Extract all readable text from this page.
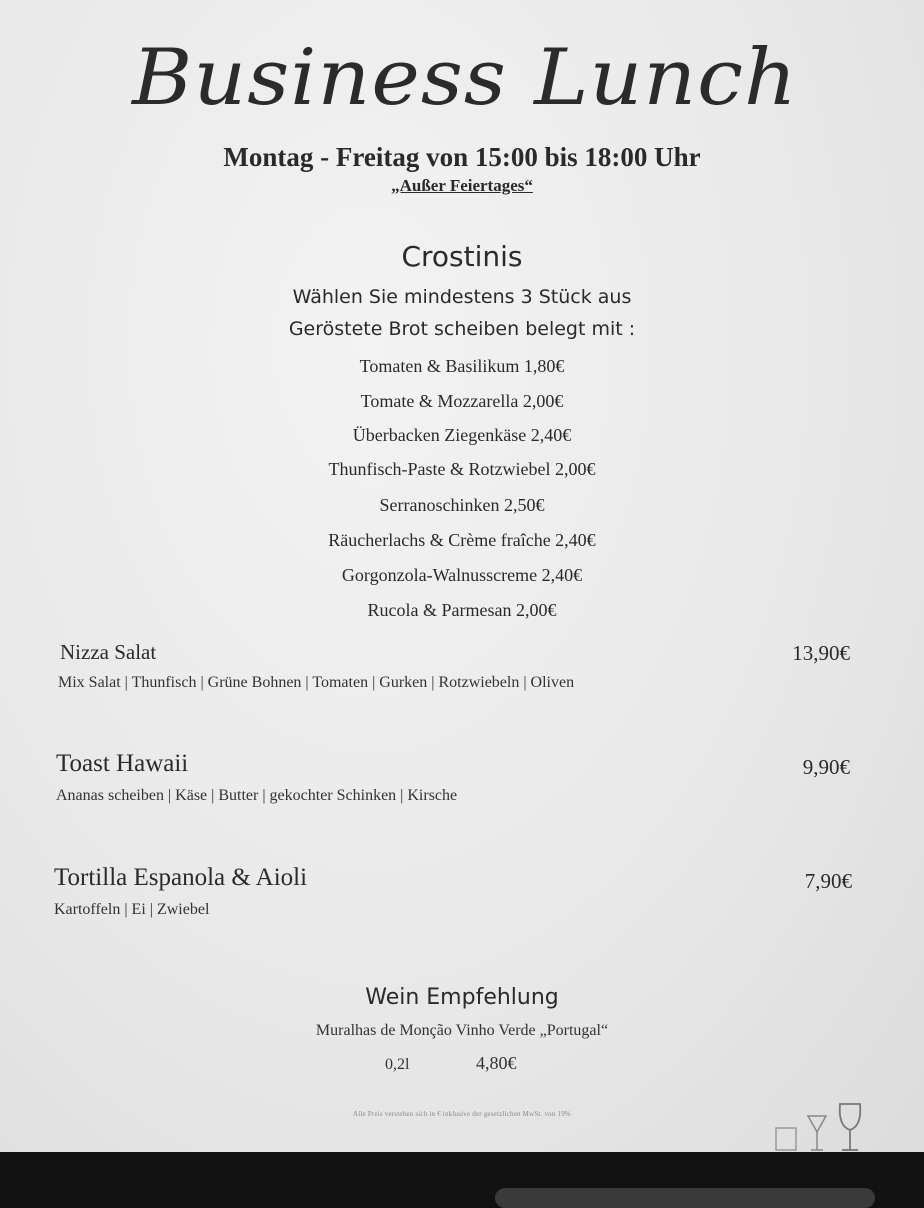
Business Lunch
Montag - Freitag von 15:00 bis 18:00 Uhr
„Außer Feiertages“
Crostinis
Wählen Sie mindestens 3 Stück aus
Geröstete Brot scheiben belegt mit :
Tomaten & Basilikum 1,80€
Tomate & Mozzarella 2,00€
Überbacken Ziegenkäse 2,40€
Thunfisch-Paste & Rotzwiebel 2,00€
Serranoschinken 2,50€
Räucherlachs & Crème fraîche 2,40€
Gorgonzola-Walnusscreme 2,40€
Rucola & Parmesan 2,00€
Nizza Salat	13,90€
Mix Salat | Thunfisch | Grüne Bohnen | Tomaten | Gurken | Rotzwiebeln | Oliven
Toast Hawaii	9,90€
Ananas scheiben | Käse | Butter | gekochter Schinken | Kirsche
Tortilla Espanola & Aioli	7,90€
Kartoffeln | Ei | Zwiebel
Wein Empfehlung
Muralhas de Monção Vinho Verde „Portugal“
0,2l	4,80€
Alle Preis verstehen sich in € inklusive der gesetzlichen MwSt. von 19%
